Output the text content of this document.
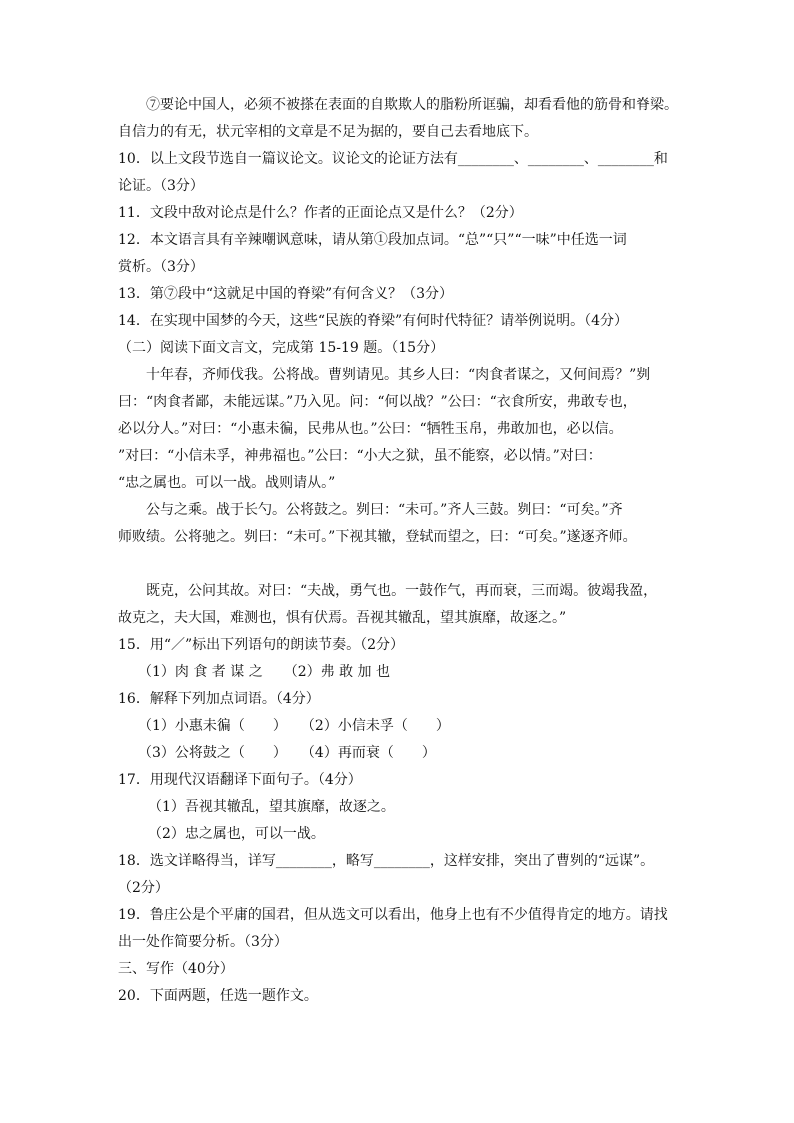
⑦要论中国人，必须不被搽在表面的自欺欺人的脂粉所诓骗，却看看他的筋骨和脊梁。
自信力的有无，状元宰相的文章是不足为据的，要自己去看地底下。
10．以上文段节选自一篇议论文。议论文的论证方法有________、________、________和
论证。（3分）
11．文段中敌对论点是什么？作者的正面论点又是什么？（2分）
12．本文语言具有辛辣嘲讽意味，请从第①段加点词。“总”“只”“一味”中任选一词
赏析。（3分）
13．第⑦段中“这就足中国的脊梁”有何含义？（3分）
14．在实现中国梦的今天，这些“民族的脊梁”有何时代特征？请举例说明。（4分）
（二）阅读下面文言文，完成第 15-19 题。（15分）
十年春，齐师伐我。公将战。曹刿请见。其乡人曰：“肉食者谋之，又何间焉？”刿
曰：“肉食者鄙，未能远谋。”乃入见。问：“何以战？”公曰：“衣食所安，弗敢专也，
必以分人。”对曰：“小惠未徧，民弗从也。”公曰：“牺牲玉帛，弗敢加也，必以信。
”对曰：“小信未孚，神弗福也。”公曰：“小大之狱，虽不能察，必以情。”对曰：
“忠之属也。可以一战。战则请从。”
公与之乘。战于长勺。公将鼓之。刿曰：“未可。”齐人三鼓。刿曰：“可矣。”齐
师败绩。公将驰之。刿曰：“未可。”下视其辙，登轼而望之，曰：“可矣。”遂逐齐师。
既克，公问其故。对曰：“夫战，勇气也。一鼓作气，再而衰，三而竭。彼竭我盈，
故克之，夫大国，难测也，惧有伏焉。吾视其辙乱，望其旗靡，故逐之。”
15．用“／”标出下列语句的朗读节奏。（2分）
（1）肉 食 者 谋 之　　（2）弗 敢 加 也
16．解释下列加点词语。（4分）
（1）小惠未徧（　　）　　（2）小信未孚（　　）
（3）公将鼓之（　　）　　（4）再而衰（　　）
17．用现代汉语翻译下面句子。（4分）
（1）吾视其辙乱，望其旗靡，故逐之。
（2）忠之属也，可以一战。
18．选文详略得当，详写________，略写________，这样安排，突出了曹刿的“远谋”。
（2分）
19．鲁庄公是个平庸的国君，但从选文可以看出，他身上也有不少值得肯定的地方。请找
出一处作简要分析。（3分）
三、写作（40分）
20．下面两题，任选一题作文。
